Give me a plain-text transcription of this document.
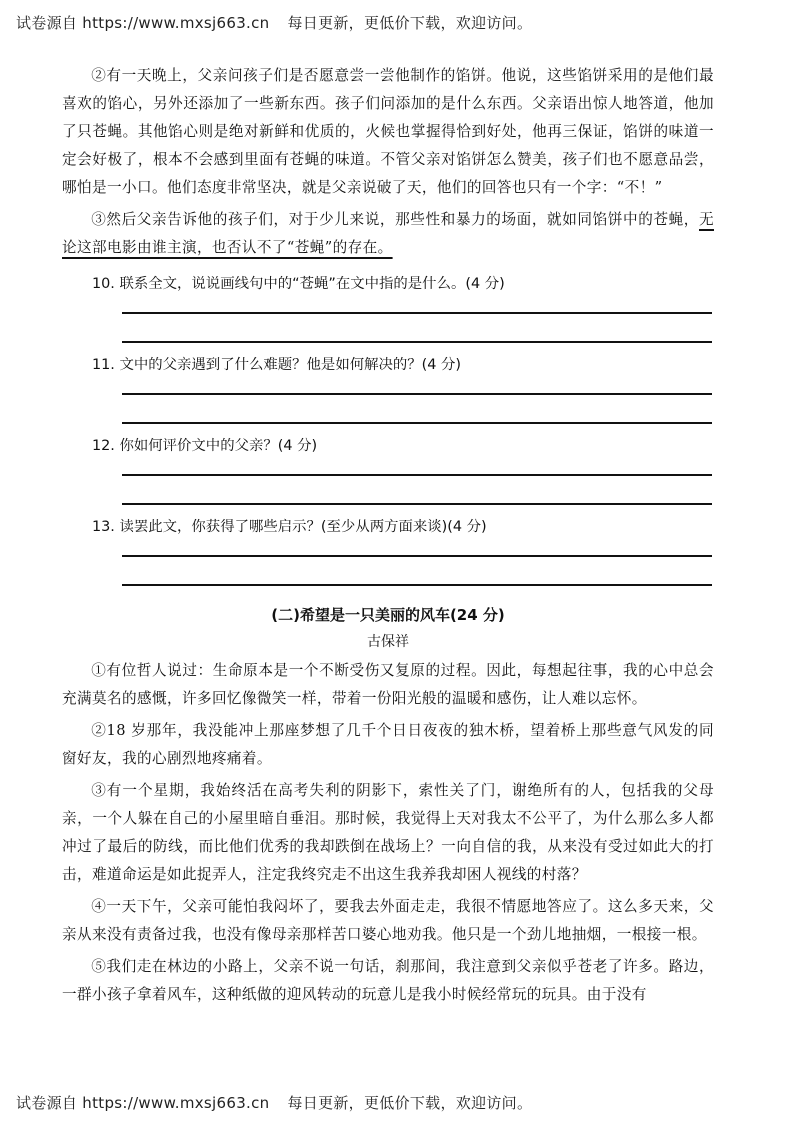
试卷源自 https://www.mxsj663.cn 每日更新，更低价下载，欢迎访问。

②有一天晚上，父亲问孩子们是否愿意尝一尝他制作的馅饼。他说，这些馅饼采用的是他们最喜欢的馅心，另外还添加了一些新东西。孩子们问添加的是什么东西。父亲语出惊人地答道，他加了只苍蝇。其他馅心则是绝对新鲜和优质的，火候也掌握得恰到好处，他再三保证，馅饼的味道一定会好极了，根本不会感到里面有苍蝇的味道。不管父亲对馅饼怎么赞美，孩子们也不愿意品尝，哪怕是一小口。他们态度非常坚决，就是父亲说破了天，他们的回答也只有一个字：“不！”

③然后父亲告诉他的孩子们，对于少儿来说，那些性和暴力的场面，就如同馅饼中的苍蝇，无论这部电影由谁主演，也否认不了“苍蝇”的存在。

10. 联系全文，说说画线句中的“苍蝇”在文中指的是什么。(4 分)
11. 文中的父亲遇到了什么难题？他是如何解决的？(4 分)
12. 你如何评价文中的父亲？(4 分)
13. 读罢此文，你获得了哪些启示？(至少从两方面来谈)(4 分)
(二)希望是一只美丽的风车(24 分)
古保祥

①有位哲人说过：生命原本是一个不断受伤又复原的过程。因此，每想起往事，我的心中总会充满莫名的感慨，许多回忆像微笑一样，带着一份阳光般的温暖和感伤，让人难以忘怀。

②18 岁那年，我没能冲上那座梦想了几千个日日夜夜的独木桥，望着桥上那些意气风发的同窗好友，我的心剧烈地疼痛着。

③有一个星期，我始终活在高考失利的阴影下，索性关了门，谢绝所有的人，包括我的父母亲，一个人躲在自己的小屋里暗自垂泪。那时候，我觉得上天对我太不公平了，为什么那么多人都冲过了最后的防线，而比他们优秀的我却跌倒在战场上？一向自信的我，从来没有受过如此大的打击，难道命运是如此捉弄人，注定我终究走不出这生我养我却困人视线的村落？

④一天下午，父亲可能怕我闷坏了，要我去外面走走，我很不情愿地答应了。这么多天来，父亲从来没有责备过我，也没有像母亲那样苦口婆心地劝我。他只是一个劲儿地抽烟，一根接一根。

⑤我们走在林边的小路上，父亲不说一句话，刹那间，我注意到父亲似乎苍老了许多。路边，一群小孩子拿着风车，这种纸做的迎风转动的玩意儿是我小时候经常玩的玩具。由于没有

试卷源自 https://www.mxsj663.cn 每日更新，更低价下载，欢迎访问。
